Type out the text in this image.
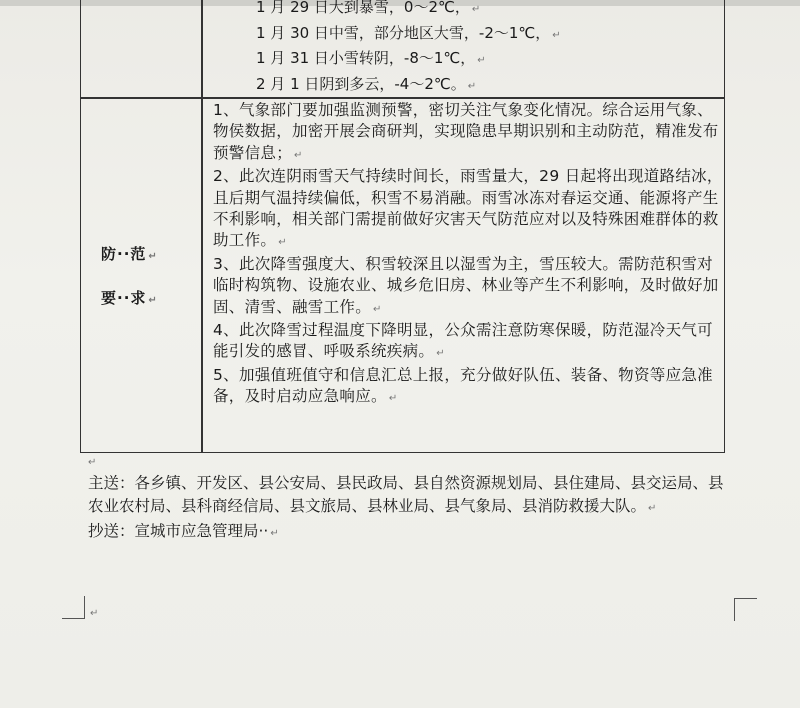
1 月 29 日大到暴雪，0～2℃， ↵
1 月 30 日中雪，部分地区大雪，-2～1℃， ↵
1 月 31 日小雪转阴，-8～1℃， ↵
2 月 1 日阴到多云，-4～2℃。 ↵
防··范 ↵
要··求 ↵

1、气象部门要加强监测预警，密切关注气象变化情况。综合运用气象、物侯数据，加密开展会商研判，实现隐患早期识别和主动防范，精准发布预警信息； ↵

2、此次连阴雨雪天气持续时间长，雨雪量大，29 日起将出现道路结冰，且后期气温持续偏低，积雪不易消融。雨雪冰冻对春运交通、能源将产生不利影响，相关部门需提前做好灾害天气防范应对以及特殊困难群体的救助工作。 ↵

3、此次降雪强度大、积雪较深且以湿雪为主，雪压较大。需防范积雪对临时构筑物、设施农业、城乡危旧房、林业等产生不利影响，及时做好加固、清雪、融雪工作。 ↵

4、此次降雪过程温度下降明显，公众需注意防寒保暖，防范湿冷天气可能引发的感冒、呼吸系统疾病。 ↵

5、加强值班值守和信息汇总上报，充分做好队伍、装备、物资等应急准备，及时启动应急响应。 ↵

↵

主送：各乡镇、开发区、县公安局、县民政局、县自然资源规划局、县住建局、县交运局、县农业农村局、县科商经信局、县文旅局、县林业局、县气象局、县消防救援大队。 ↵

抄送：宣城市应急管理局·· ↵

↵
